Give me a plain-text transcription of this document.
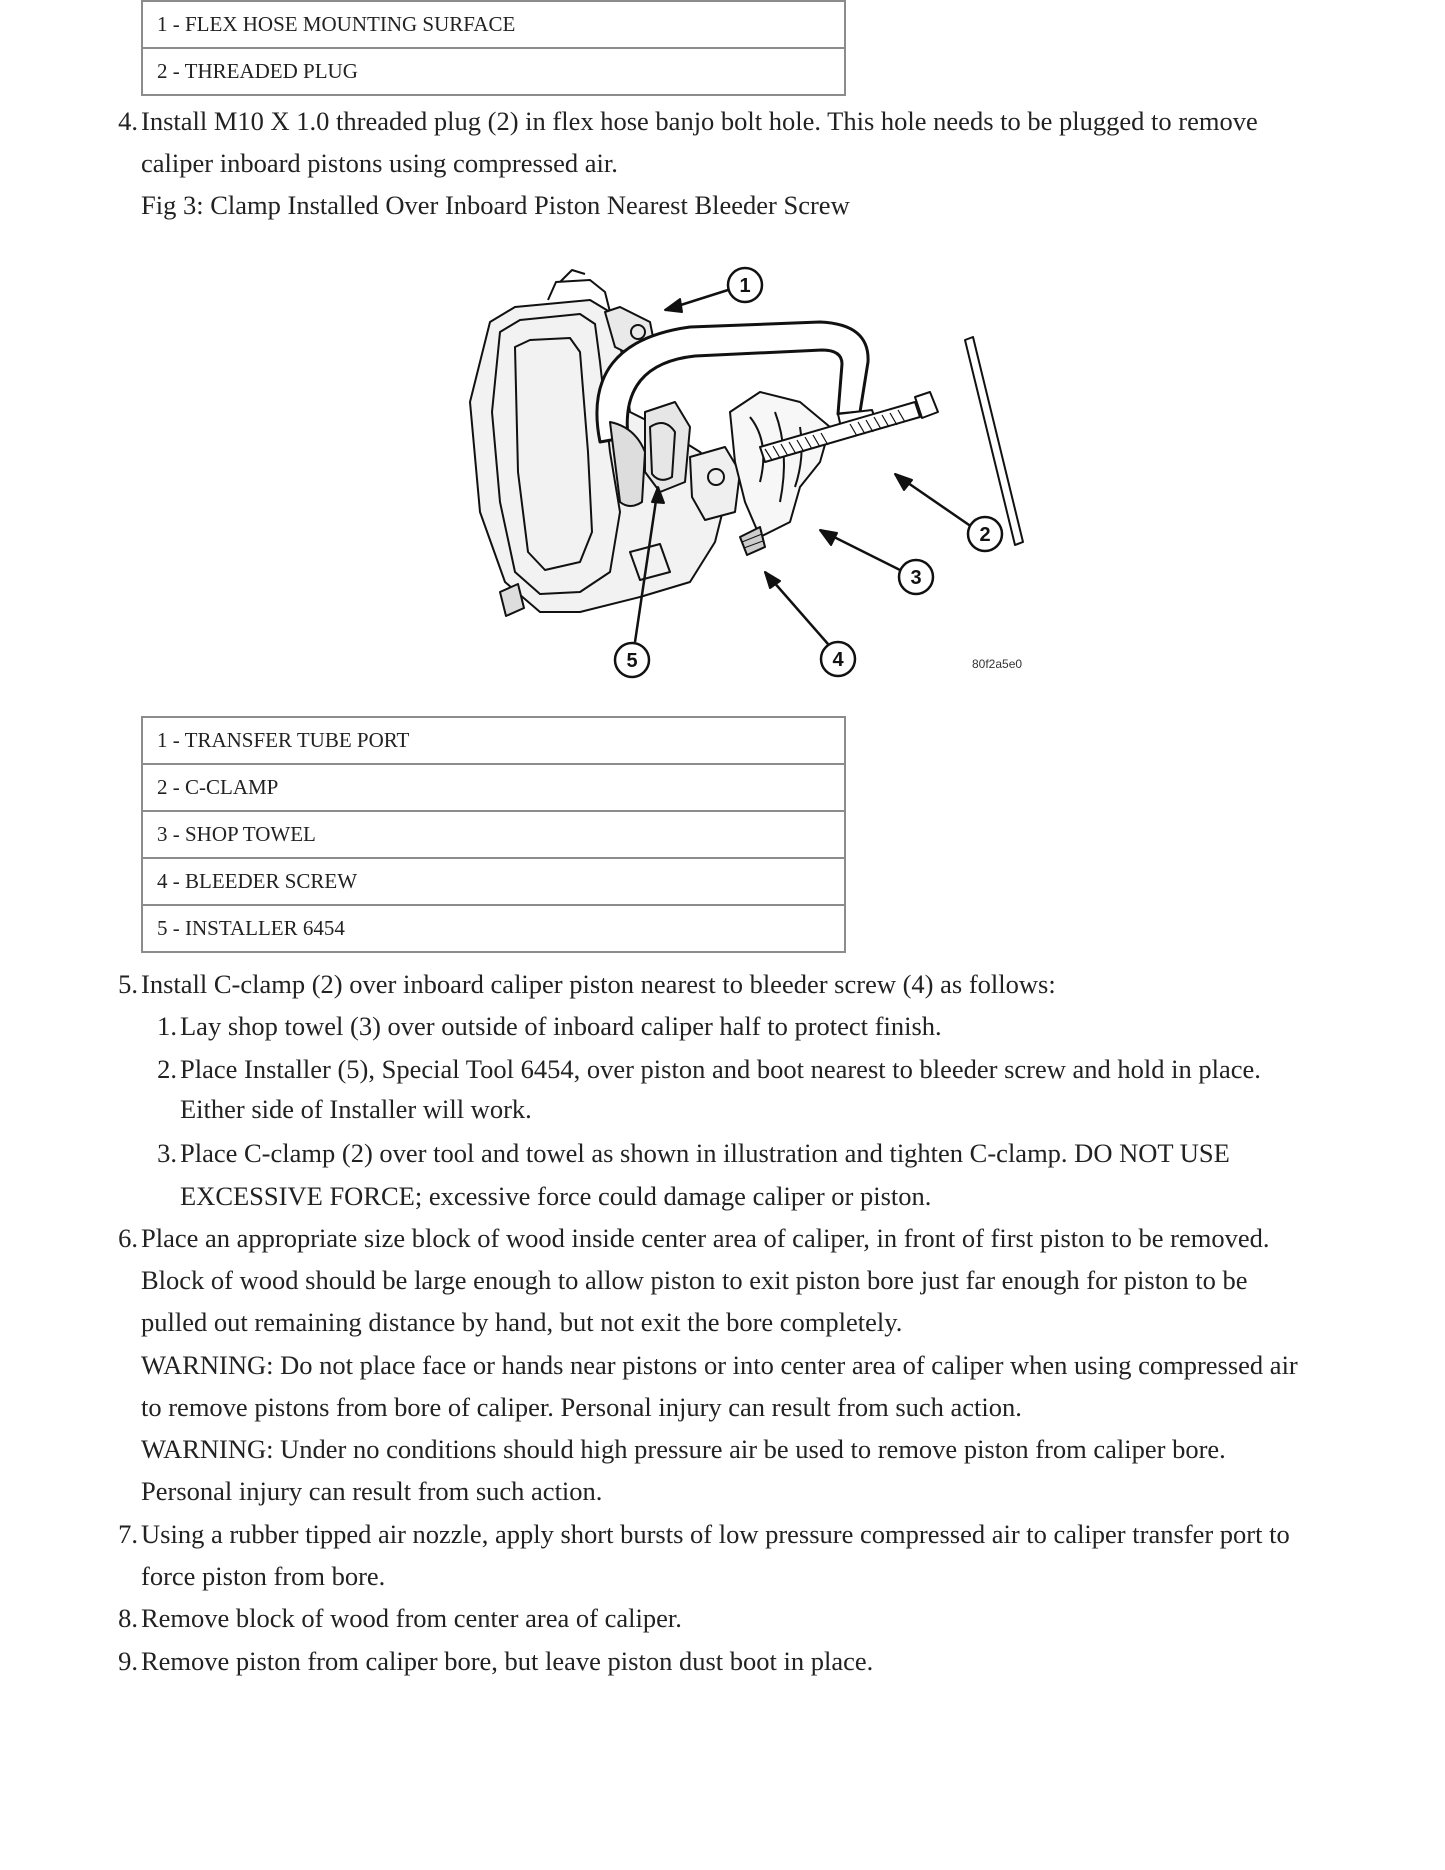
1 - FLEX HOSE MOUNTING SURFACE
2 - THREADED PLUG
4. Install M10 X 1.0 threaded plug (2) in flex hose banjo bolt hole. This hole needs to be plugged to remove
caliper inboard pistons using compressed air.
Fig 3: Clamp Installed Over Inboard Piston Nearest Bleeder Screw
1
2
3
4
5	80f2a5e0
1 - TRANSFER TUBE PORT
2 - C-CLAMP
3 - SHOP TOWEL
4 - BLEEDER SCREW
5 - INSTALLER 6454
5. Install C-clamp (2) over inboard caliper piston nearest to bleeder screw (4) as follows:
1. Lay shop towel (3) over outside of inboard caliper half to protect finish.
2. Place Installer (5), Special Tool 6454, over piston and boot nearest to bleeder screw and hold in place.
Either side of Installer will work.
3. Place C-clamp (2) over tool and towel as shown in illustration and tighten C-clamp. DO NOT USE
EXCESSIVE FORCE; excessive force could damage caliper or piston.
6. Place an appropriate size block of wood inside center area of caliper, in front of first piston to be removed.
Block of wood should be large enough to allow piston to exit piston bore just far enough for piston to be
pulled out remaining distance by hand, but not exit the bore completely.
WARNING: Do not place face or hands near pistons or into center area of caliper when using compressed air
to remove pistons from bore of caliper. Personal injury can result from such action.
WARNING: Under no conditions should high pressure air be used to remove piston from caliper bore.
Personal injury can result from such action.
7. Using a rubber tipped air nozzle, apply short bursts of low pressure compressed air to caliper transfer port to
force piston from bore.
8. Remove block of wood from center area of caliper.
9. Remove piston from caliper bore, but leave piston dust boot in place.
